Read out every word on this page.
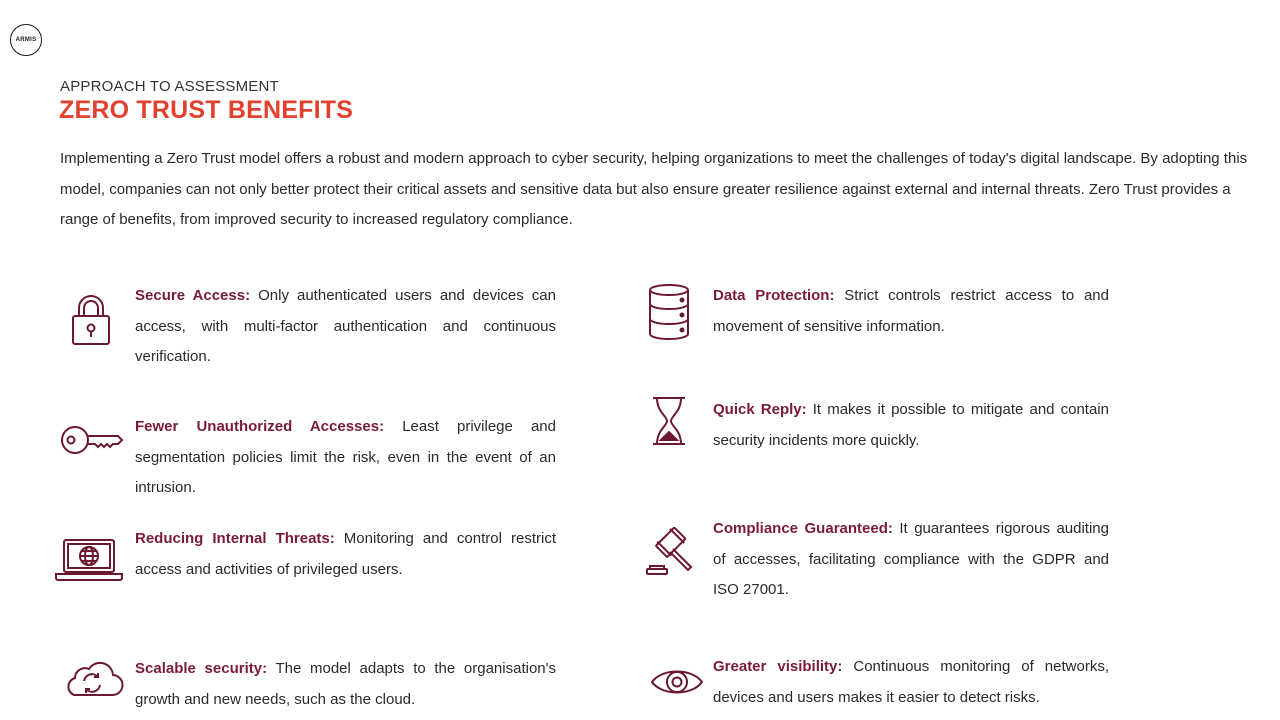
ARMIS
APPROACH TO ASSESSMENT
ZERO TRUST BENEFITS

Implementing a Zero Trust model offers a robust and modern approach to cyber security, helping organizations to meet the challenges of today's digital landscape. By adopting this model, companies can not only better protect their critical assets and sensitive data but also ensure greater resilience against external and internal threats. Zero Trust provides a range of benefits, from improved security to increased regulatory compliance.

Secure Access: Only authenticated users and devices can access, with multi-factor authentication and continuous verification.

Fewer Unauthorized Accesses: Least privilege and segmentation policies limit the risk, even in the event of an intrusion.

Reducing Internal Threats: Monitoring and control restrict access and activities of privileged users.

Scalable security: The model adapts to the organisation's growth and new needs, such as the cloud.

Data Protection: Strict controls restrict access to and movement of sensitive information.

Quick Reply: It makes it possible to mitigate and contain security incidents more quickly.

Compliance Guaranteed: It guarantees rigorous auditing of accesses, facilitating compliance with the GDPR and ISO 27001.

Greater visibility: Continuous monitoring of networks, devices and users makes it easier to detect risks.
